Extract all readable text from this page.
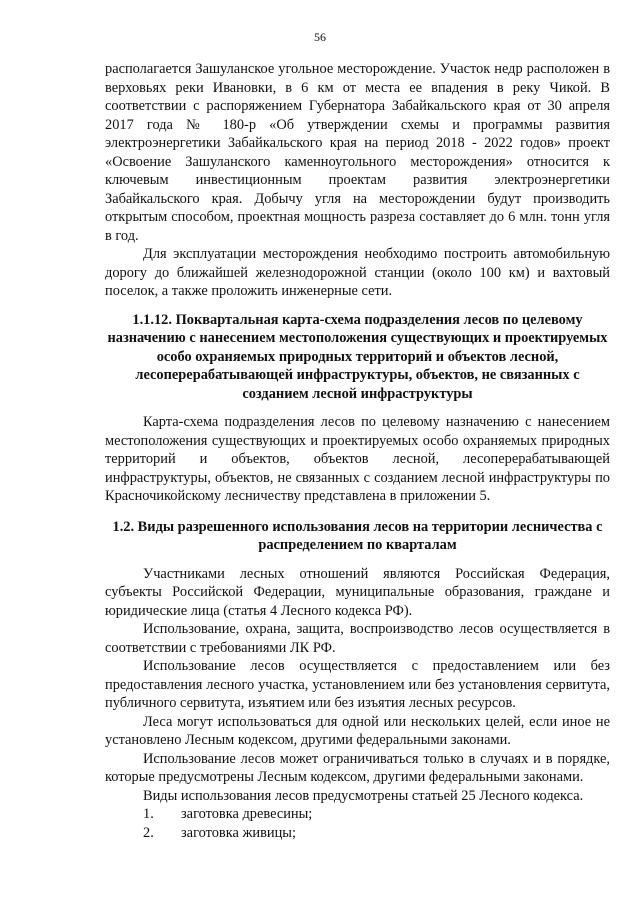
56

располагается Зашуланское угольное месторождение. Участок недр расположен в верховьях реки Ивановки, в 6 км от места ее впадения в реку Чикой. В соответствии с распоряжением Губернатора Забайкальского края от 30 апреля 2017 года № 180-р «Об утверждении схемы и программы развития электроэнергетики Забайкальского края на период 2018 - 2022 годов» проект «Освоение Зашуланского каменноугольного месторождения» относится к ключевым инвестиционным проектам развития электроэнергетики Забайкальского края. Добычу угля на месторождении будут производить открытым способом, проектная мощность разреза составляет до 6 млн. тонн угля в год.

Для эксплуатации месторождения необходимо построить автомобильную дорогу до ближайшей железнодорожной станции (около 100 км) и вахтовый поселок, а также проложить инженерные сети.

1.1.12. Поквартальная карта-схема подразделения лесов по целевому назначению с нанесением местоположения существующих и проектируемых особо охраняемых природных территорий и объектов лесной, лесоперерабатывающей инфраструктуры, объектов, не связанных с созданием лесной инфраструктуры

Карта-схема подразделения лесов по целевому назначению с нанесением местоположения существующих и проектируемых особо охраняемых природных территорий и объектов, объектов лесной, лесоперерабатывающей инфраструктуры, объектов, не связанных с созданием лесной инфраструктуры по Красночикойскому лесничеству представлена в приложении 5.

1.2. Виды разрешенного использования лесов на территории лесничества с распределением по кварталам

Участниками лесных отношений являются Российская Федерация, субъекты Российской Федерации, муниципальные образования, граждане и юридические лица (статья 4 Лесного кодекса РФ).

Использование, охрана, защита, воспроизводство лесов осуществляется в соответствии с требованиями ЛК РФ.

Использование лесов осуществляется с предоставлением или без предоставления лесного участка, установлением или без установления сервитута, публичного сервитута, изъятием или без изъятия лесных ресурсов.

Леса могут использоваться для одной или нескольких целей, если иное не установлено Лесным кодексом, другими федеральными законами.

Использование лесов может ограничиваться только в случаях и в порядке, которые предусмотрены Лесным кодексом, другими федеральными законами.

Виды использования лесов предусмотрены статьей 25 Лесного кодекса.

1. заготовка древесины;
2. заготовка живицы;
